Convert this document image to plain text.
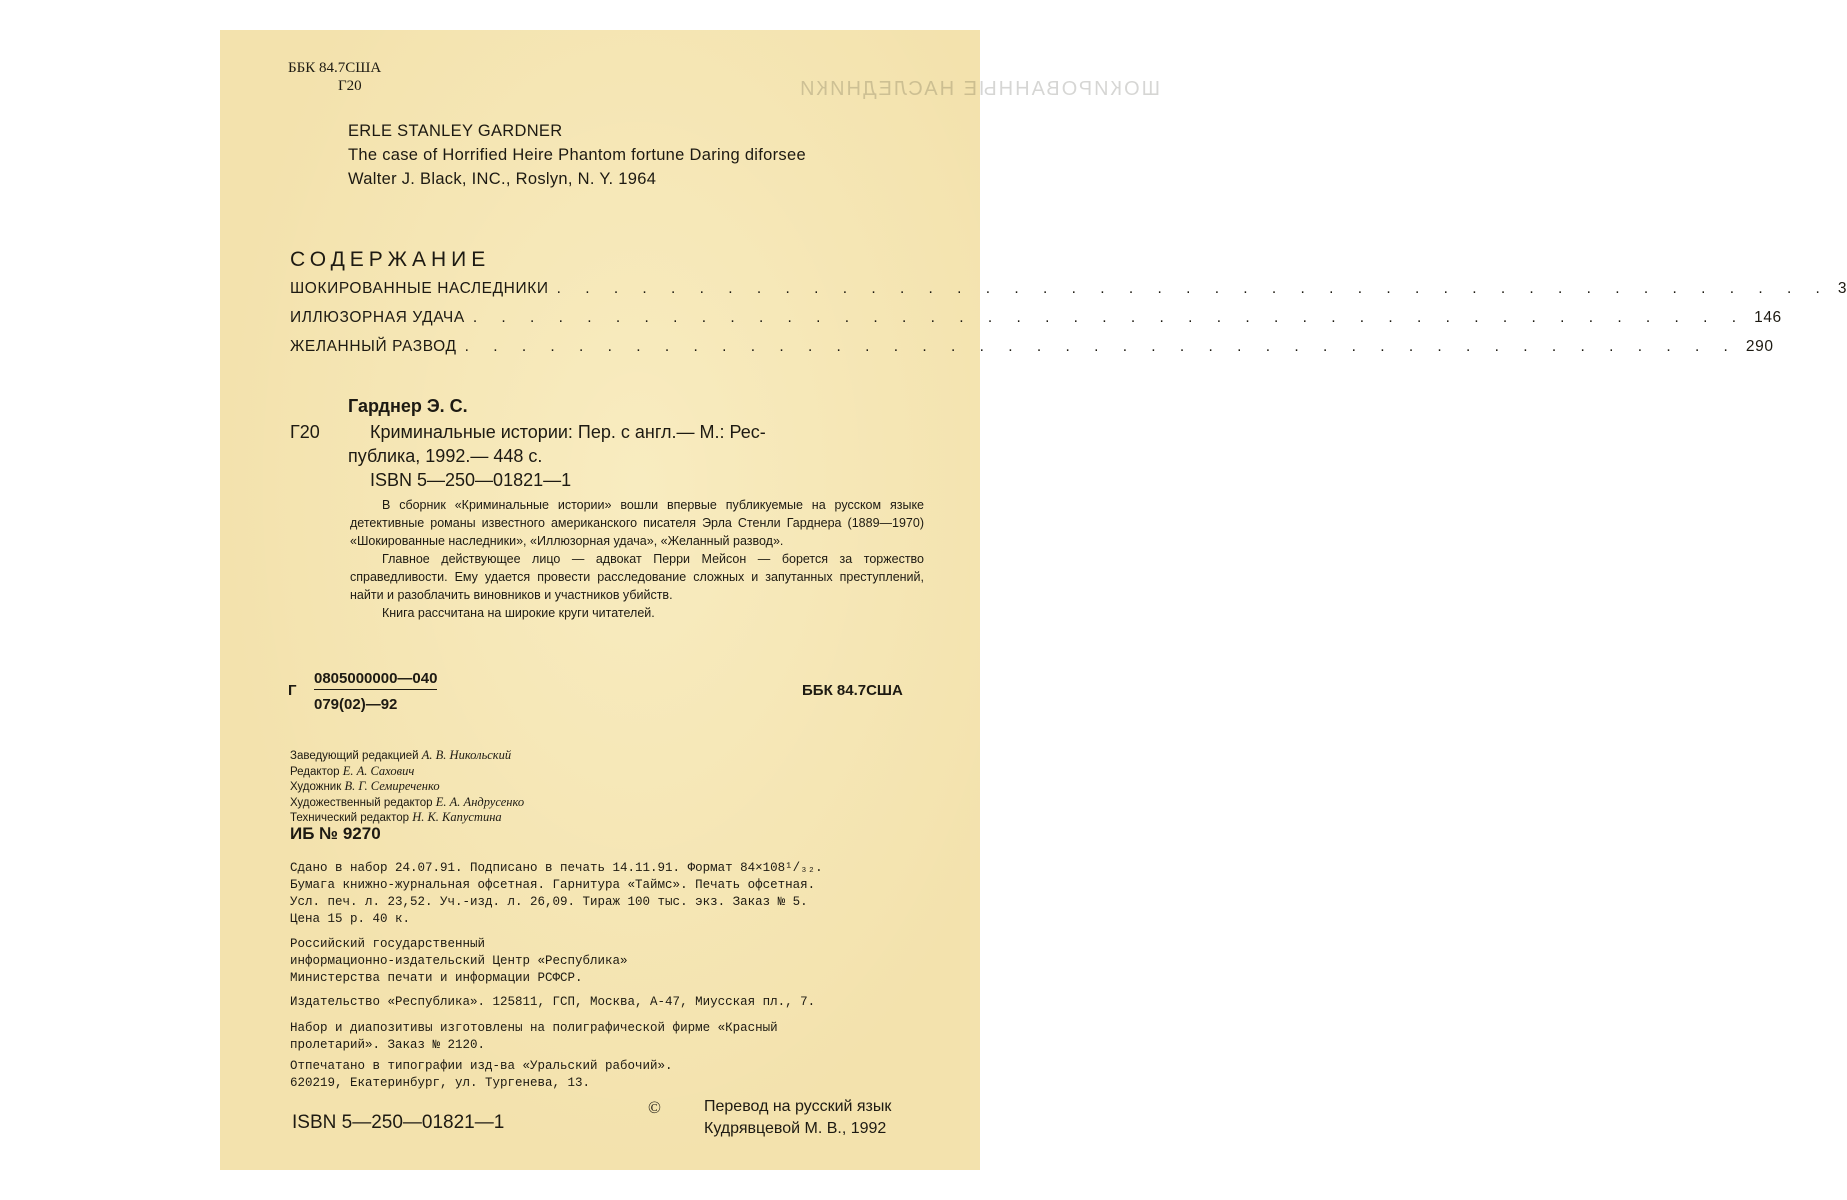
ШОКИРОВАННЫЕ НАСЛЕДНИКИ
ББК 84.7США
Г20
ERLE STANLEY GARDNER
The case of Horrified Heire Phantom fortune Daring diforsee
Walter J. Black, INC., Roslyn, N. Y. 1964
СОДЕРЖАНИЕ
ШОКИРОВАННЫЕ НАСЛЕДНИКИ . . .	3
ИЛЛЮЗОРНАЯ УДАЧА . . .	146
ЖЕЛАННЫЙ РАЗВОД . . .	290
Гарднер Э. С.
Г20	Криминальные истории: Пер. с англ.— М.: Рес-
публика, 1992.— 448 с.
ISBN 5—250—01821—1

В сборник «Криминальные истории» вошли впервые публикуемые на русском языке детективные романы известного американского писателя Эрла Стенли Гарднера (1889—1970) «Шокированные наследники», «Иллюзорная удача», «Желанный развод».

Главное действующее лицо — адвокат Перри Мейсон — борется за торжество справедливости. Ему удается провести расследование сложных и запутанных преступлений, найти и разоблачить виновников и участников убийств.

Книга рассчитана на широкие круги читателей.

Г
0805000000—040
079(02)—92
ББК 84.7США
Заведующий редакцией А. В. Никольский
Редактор Е. А. Сахович
Художник В. Г. Семиреченко
Художественный редактор Е. А. Андрусенко
Технический редактор Н. К. Капустина
ИБ № 9270
Сдано в набор 24.07.91. Подписано в печать 14.11.91. Формат 84×108¹/₃₂.
Бумага книжно-журнальная офсетная. Гарнитура «Таймс». Печать офсетная.
Усл. печ. л. 23,52. Уч.-изд. л. 26,09. Тираж 100 тыс. экз. Заказ № 5.
Цена 15 р. 40 к.
Российский государственный
информационно-издательский Центр «Республика»
Министерства печати и информации РСФСР.
Издательство «Республика». 125811, ГСП, Москва, А-47, Миусская пл., 7.
Набор и диапозитивы изготовлены на полиграфической фирме «Красный
пролетарий». Заказ № 2120.
Отпечатано в типографии изд-ва «Уральский рабочий».
620219, Екатеринбург, ул. Тургенева, 13.
ISBN 5—250—01821—1
©	Перевод на русский язык
Кудрявцевой М. В., 1992
